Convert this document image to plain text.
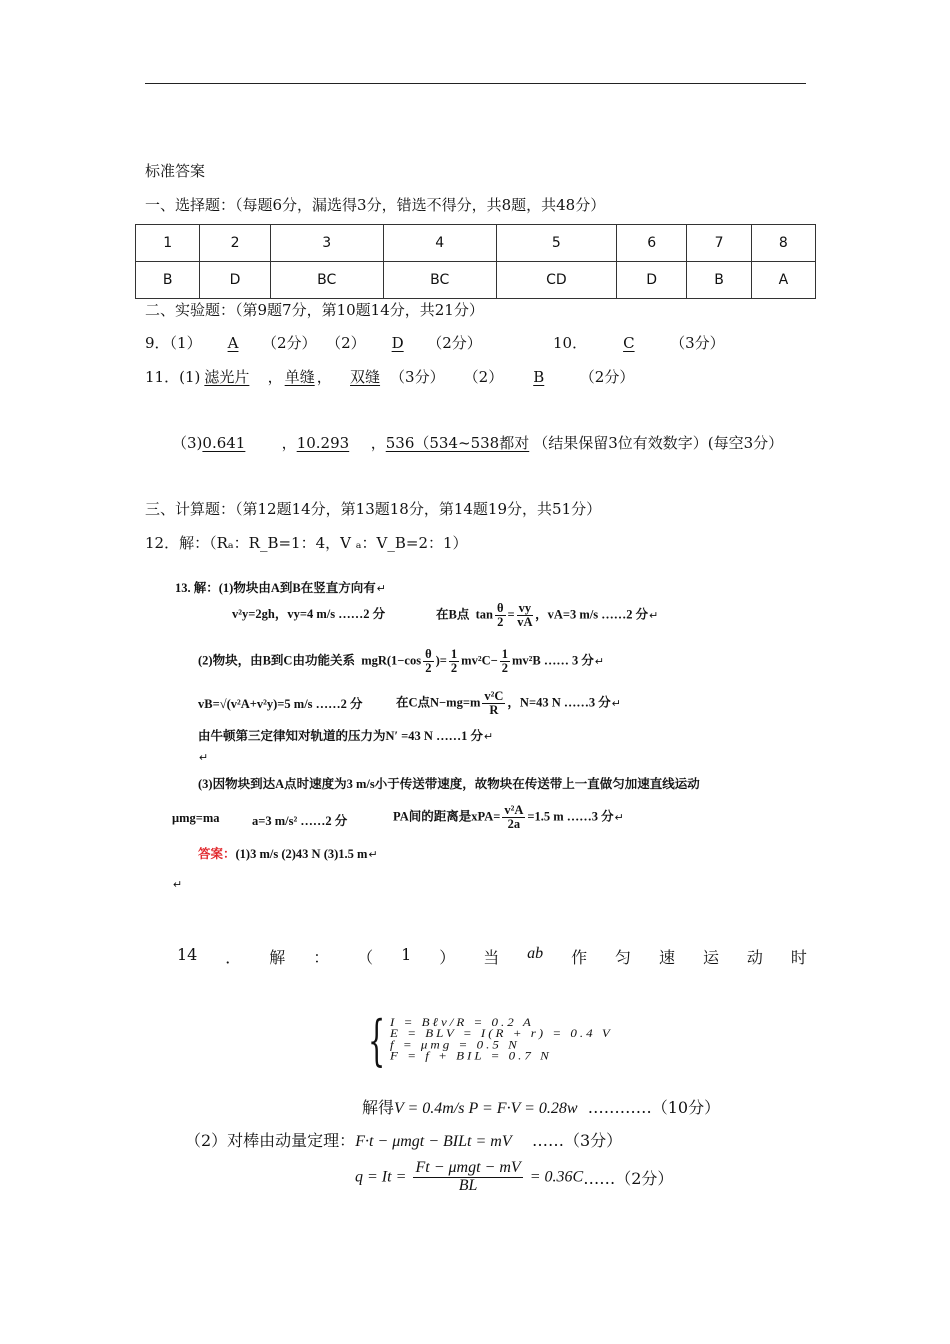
标准答案
一、选择题：（每题6分，漏选得3分，错选不得分，共8题，共48分）
1	2	3	4	5	6	7	8
B	D	BC	BC	CD	D	B	A
二、实验题：（第9题7分，第10题14分，共21分）
9．（1） A （2分） （2） D （2分）	10． C （3分）
11．(1) 滤光片 ， 单缝 ， 双缝 （3分） （2） B （2分）
（3)0.641 ，10.293 ，536（534~538都对 （结果保留3位有效数字）(每空3分）
三、计算题：（第12题14分，第13题18分，第14题19分，共51分）
12．解：（Rₐ：R_B=1：4，V ₐ：V_B=2：1）
13. 解：(1)物块由A到B在竖直方向有↵
v²y=2gh，vy=4 m/s ……2 分	在B点 $\tan \frac{\theta}{2} = \frac{vy}{vA}$ ，vA=3 m/s ……2 分↵
(2)物块，由B到C由功能关系 $mgR(1-\cos \frac{\theta}{2}$ )= $\frac{1}{2} mv^2C- \frac{1}{2} mv^2B$ …… 3 分↵
vB=√(v²A+v²y)=5 m/s ……2 分	在C点$N-mg=m \frac{\text{v²C}}{R}$ ，N=43 N ……3 分↵
由牛顿第三定律知对轨道的压力为N′ =43 N ……1 分↵
↵
(3)因物块到达A点时速度为3 m/s小于传送带速度，故物块在传送带上一直做匀加速直线运动
μmg=ma	a=3 m/s² ……2 分	PA间的距离是$xPA= \frac{\text{v²A}}{2a} =1.5$ m ……3 分↵
答案：(1)3 m/s (2)43 N (3)1.5 m↵
↵
14 ． 解 ： （ 1 ） 当 ab 作 匀 速 运 动 时
{ I = Bℓv/R = 0.2 A
E = BLV = I(R + r) = 0.4 V
f = μmg = 0.5 N
F = f + BIL = 0.7 N
解得V = 0.4m/s P = F·V = 0.28w …………（10分）
（2）对棒由动量定理：F·t − μmgt − BILt = mV ……（3分）
$q = It = \frac{\text{Ft − μmgt − mV}}{BL}$ = 0.36C……（2分）
